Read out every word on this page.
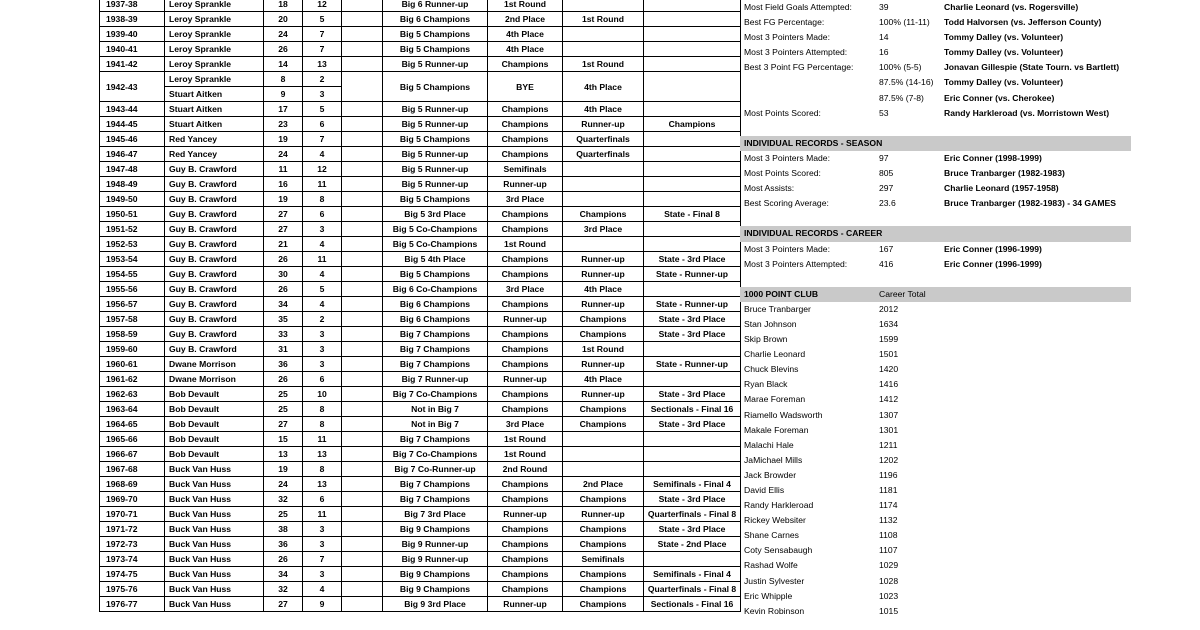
1937-38	Leroy Sprankle	18	12		Big 6 Runner-up	1st Round		
1938-39	Leroy Sprankle	20	5		Big 6 Champions	2nd Place	1st Round	
1939-40	Leroy Sprankle	24	7		Big 5 Champions	4th Place		
1940-41	Leroy Sprankle	26	7		Big 5 Champions	4th Place		
1941-42	Leroy Sprankle	14	13		Big 5 Runner-up	Champions	1st Round	
1942-43	Leroy Sprankle	8	2		Big 5 Champions	BYE	4th Place	
	Stuart Aitken	9	3					
1943-44	Stuart Aitken	17	5		Big 5 Runner-up	Champions	4th Place	
1944-45	Stuart Aitken	23	6		Big 5 Runner-up	Champions	Runner-up	Champions
1945-46	Red Yancey	19	7		Big 5 Champions	Champions	Quarterfinals	
1946-47	Red Yancey	24	4		Big 5 Runner-up	Champions	Quarterfinals	
1947-48	Guy B. Crawford	11	12		Big 5 Runner-up	Semifinals		
1948-49	Guy B. Crawford	16	11		Big 5 Runner-up	Runner-up		
1949-50	Guy B. Crawford	19	8		Big 5 Champions	3rd Place		
1950-51	Guy B. Crawford	27	6		Big 5 3rd Place	Champions	Champions	State - Final 8
1951-52	Guy B. Crawford	27	3		Big 5 Co-Champions	Champions	3rd Place	
1952-53	Guy B. Crawford	21	4		Big 5 Co-Champions	1st Round		
1953-54	Guy B. Crawford	26	11		Big 5 4th Place	Champions	Runner-up	State - 3rd Place
1954-55	Guy B. Crawford	30	4		Big 5 Champions	Champions	Runner-up	State - Runner-up
1955-56	Guy B. Crawford	26	5		Big 6 Co-Champions	3rd Place	4th Place	
1956-57	Guy B. Crawford	34	4		Big 6 Champions	Champions	Runner-up	State - Runner-up
1957-58	Guy B. Crawford	35	2		Big 6 Champions	Runner-up	Champions	State - 3rd Place
1958-59	Guy B. Crawford	33	3		Big 7 Champions	Champions	Champions	State - 3rd Place
1959-60	Guy B. Crawford	31	3		Big 7 Champions	Champions	1st Round	
1960-61	Dwane Morrison	36	3		Big 7 Champions	Champions	Runner-up	State - Runner-up
1961-62	Dwane Morrison	26	6		Big 7 Runner-up	Runner-up	4th Place	
1962-63	Bob Devault	25	10		Big 7 Co-Champions	Champions	Runner-up	State - 3rd Place
1963-64	Bob Devault	25	8		Not in Big 7	Champions	Champions	Sectionals - Final 16
1964-65	Bob Devault	27	8		Not in Big 7	3rd Place	Champions	State - 3rd Place
1965-66	Bob Devault	15	11		Big 7 Champions	1st Round		
1966-67	Bob Devault	13	13		Big 7 Co-Champions	1st Round		
1967-68	Buck Van Huss	19	8		Big 7 Co-Runner-up	2nd Round		
1968-69	Buck Van Huss	24	13		Big 7 Champions	Champions	2nd Place	Semifinals - Final 4
1969-70	Buck Van Huss	32	6		Big 7 Champions	Champions	Champions	State - 3rd Place
1970-71	Buck Van Huss	25	11		Big 7 3rd Place	Runner-up	Runner-up	Quarterfinals - Final 8
1971-72	Buck Van Huss	38	3		Big 9 Champions	Champions	Champions	State - 3rd Place
1972-73	Buck Van Huss	36	3		Big 9 Runner-up	Champions	Champions	State - 2nd Place
1973-74	Buck Van Huss	26	7		Big 9 Runner-up	Champions	Semifinals	
1974-75	Buck Van Huss	34	3		Big 9 Champions	Champions	Champions	Semifinals - Final 4
1975-76	Buck Van Huss	32	4		Big 9 Champions	Champions	Champions	Quarterfinals - Final 8
1976-77	Buck Van Huss	27	9		Big 9 3rd Place	Runner-up	Champions	Sectionals - Final 16
Most Field Goals Attempted:	39	Charlie Leonard (vs. Rogersville)
Best FG Percentage:	100% (11-11) Todd Halvorsen (vs. Jefferson County)
Most 3 Pointers Made:	14	Tommy Dalley (vs. Volunteer)
Most 3 Pointers Attempted:	16	Tommy Dalley (vs. Volunteer)
Best 3 Point FG Percentage:	100% (5-5)	Jonavan Gillespie (State Tourn. vs Bartlett)
87.5% (14-16) Tommy Dalley (vs. Volunteer)
87.5% (7-8) Eric Conner (vs. Cherokee)
Most Points Scored:	53	Randy Harkleroad (vs. Morristown West)
INDIVIDUAL RECORDS - SEASON
Most 3 Pointers Made:	97	Eric Conner (1998-1999)
Most Points Scored:	805	Bruce Tranbarger (1982-1983)
Most Assists:	297	Charlie Leonard (1957-1958)
Best Scoring Average:	23.6	Bruce Tranbarger (1982-1983) - 34 GAMES
INDIVIDUAL RECORDS - CAREER
Most 3 Pointers Made:	167	Eric Conner (1996-1999)
Most 3 Pointers Attempted:	416	Eric Conner (1996-1999)
1000 POINT CLUB	Career Total
Bruce Tranbarger	2012
Stan Johnson	1634
Skip Brown	1599
Charlie Leonard	1501
Chuck Blevins	1420
Ryan Black	1416
Marae Foreman	1412
Riamello Wadsworth	1307
Makale Foreman	1301
Malachi Hale	1211
JaMichael Mills	1202
Jack Browder	1196
David Ellis	1181
Randy Harkleroad	1174
Rickey Websiter	1132
Shane Carnes	1108
Coty Sensabaugh	1107
Rashad Wolfe	1029
Justin Sylvester	1028
Eric Whipple	1023
Kevin Robinson	1015
